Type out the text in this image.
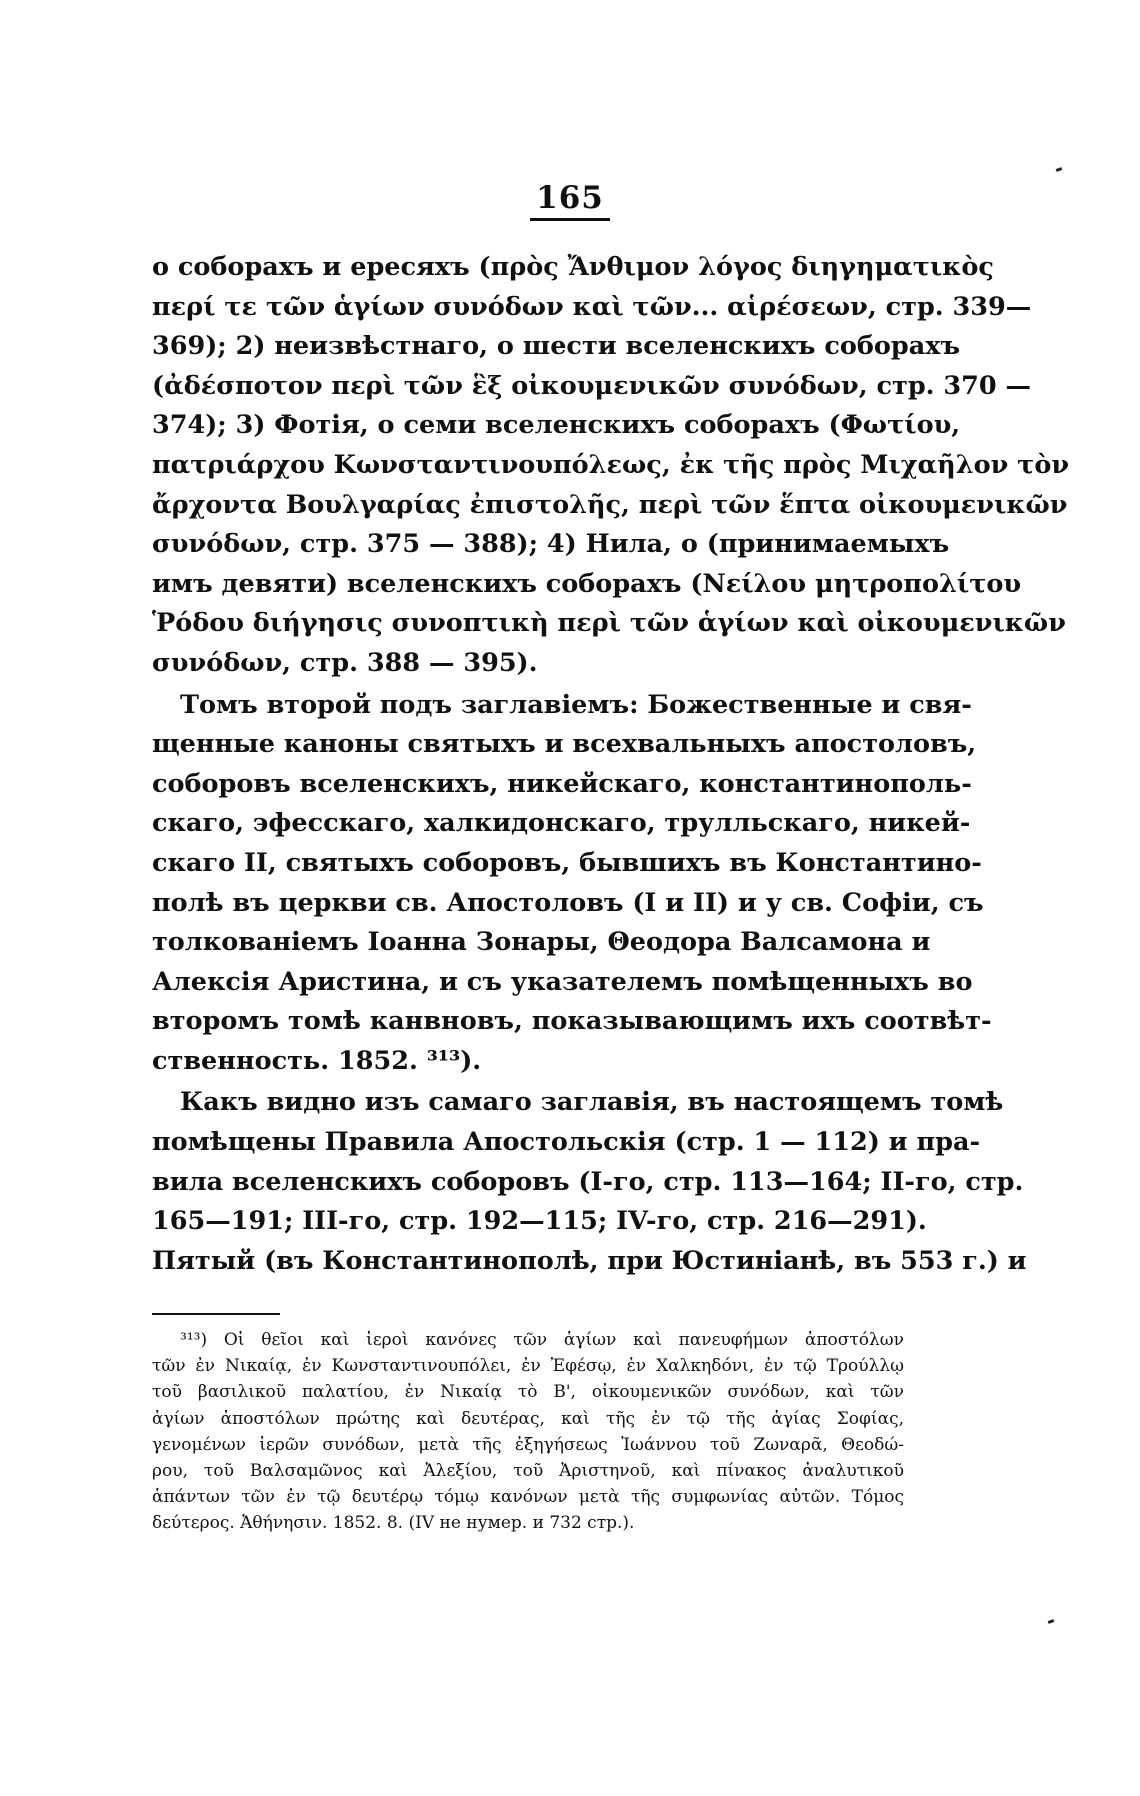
165
о соборахъ и ересяхъ (πρὸς Ἄνθιμον λόγος διηγηματικὸς
περί τε τῶν ἁγίων συνόδων καὶ τῶν... αἱρέσεων, стр. 339—
369); 2) неизвѣстнаго, о шести вселенскихъ соборахъ
(ἀδέσποτον περὶ τῶν ἓξ οἰκουμενικῶν συνόδων, стр. 370 —
374); 3) Фотія, о семи вселенскихъ соборахъ (Φωτίου,
πατριάρχου Κωνσταντινουπόλεως, ἐκ τῆς πρὸς Μιχαῆλον τὸν
ἄρχοντα Βουλγαρίας ἐπιστολῆς, περὶ τῶν ἕπτα οἰκουμενικῶν
συνόδων, стр. 375 — 388); 4) Нила, о (принимаемыхъ
имъ девяти) вселенскихъ соборахъ (Νείλου μητροπολίτου
Ῥόδου διήγησις συνοπτικὴ περὶ τῶν ἁγίων καὶ οἰκουμενικῶν
συνόδων, стр. 388 — 395).
Томъ второй подъ заглавіемъ: Божественные и свя-
щенные каноны святыхъ и всехвальныхъ апостоловъ,
соборовъ вселенскихъ, никейскаго, константинополь-
скаго, эфесскаго, халкидонскаго, трулльскаго, никей-
скаго II, святыхъ соборовъ, бывшихъ въ Константино-
полѣ въ церкви св. Апостоловъ (I и II) и у св. Софіи, съ
толкованіемъ Іоанна Зонары, Θеодора Валсамона и
Алексія Аристина, и съ указателемъ помѣщенныхъ во
второмъ томѣ канвновъ, показывающимъ ихъ соотвѣт-
ственность. 1852. ³¹³).
Какъ видно изъ самаго заглавія, въ настоящемъ томѣ
помѣщены Правила Апостольскія (стр. 1 — 112) и пра-
вила вселенскихъ соборовъ (I-го, стр. 113—164; II-го, стр.
165—191; III-го, стр. 192—115; IV-го, стр. 216—291).
Пятый (въ Константинополѣ, при Юстиніанѣ, въ 553 г.) и
³¹³) Οἱ θεῖοι καὶ ἱεροὶ κανόνες τῶν ἁγίων καὶ πανευφήμων ἀποστόλων
τῶν ἐν Νικαίᾳ, ἐν Κωνσταντινουπόλει, ἐν Ἐφέσῳ, ἐν Χαλκηδόνι, ἐν τῷ Τρούλλῳ
τοῦ βασιλικοῦ παλατίου, ἐν Νικαίᾳ τὸ Β', οἰκουμενικῶν συνόδων, καὶ τῶν
ἁγίων ἀποστόλων πρώτης καὶ δευτέρας, καὶ τῆς ἐν τῷ τῆς ἁγίας Σοφίας,
γενομένων ἱερῶν συνόδων, μετὰ τῆς ἐξηγήσεως Ἰωάννου τοῦ Ζωναρᾶ, Θεοδώ-
ρου, τοῦ Βαλσαμῶνος καὶ Ἀλεξίου, τοῦ Ἀριστηνοῦ, καὶ πίνακος ἀναλυτικοῦ
ἁπάντων τῶν ἐν τῷ δευτέρῳ τόμῳ κανόνων μετὰ τῆς συμφωνίας αὐτῶν. Τόμος
δεύτερος. Ἀθήνησιν. 1852. 8. (IV не нумер. и 732 стр.).
